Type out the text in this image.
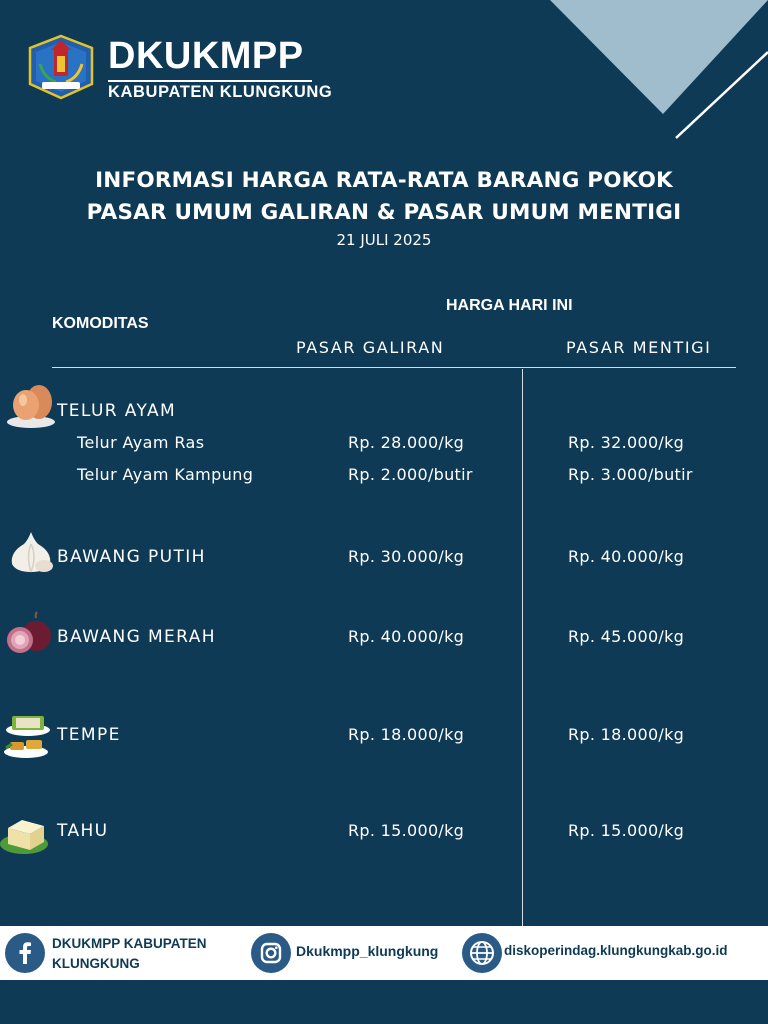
DKUKMPP
KABUPATEN KLUNGKUNG
INFORMASI HARGA RATA-RATA BARANG POKOK
PASAR UMUM GALIRAN & PASAR UMUM MENTIGI
21 JULI 2025
KOMODITAS
HARGA HARI INI
PASAR GALIRAN	PASAR MENTIGI
TELUR AYAM
Telur Ayam Ras	Rp. 28.000/kg	Rp. 32.000/kg
Telur Ayam Kampung	Rp. 2.000/butir	Rp. 3.000/butir
BAWANG PUTIH	Rp. 30.000/kg	Rp. 40.000/kg
BAWANG MERAH	Rp. 40.000/kg	Rp. 45.000/kg
TEMPE	Rp. 18.000/kg	Rp. 18.000/kg
TAHU	Rp. 15.000/kg	Rp. 15.000/kg
DKUKMPP KABUPATEN
KLUNGKUNG
Dkukmpp_klungkung	diskoperindag.klungkungkab.go.id
